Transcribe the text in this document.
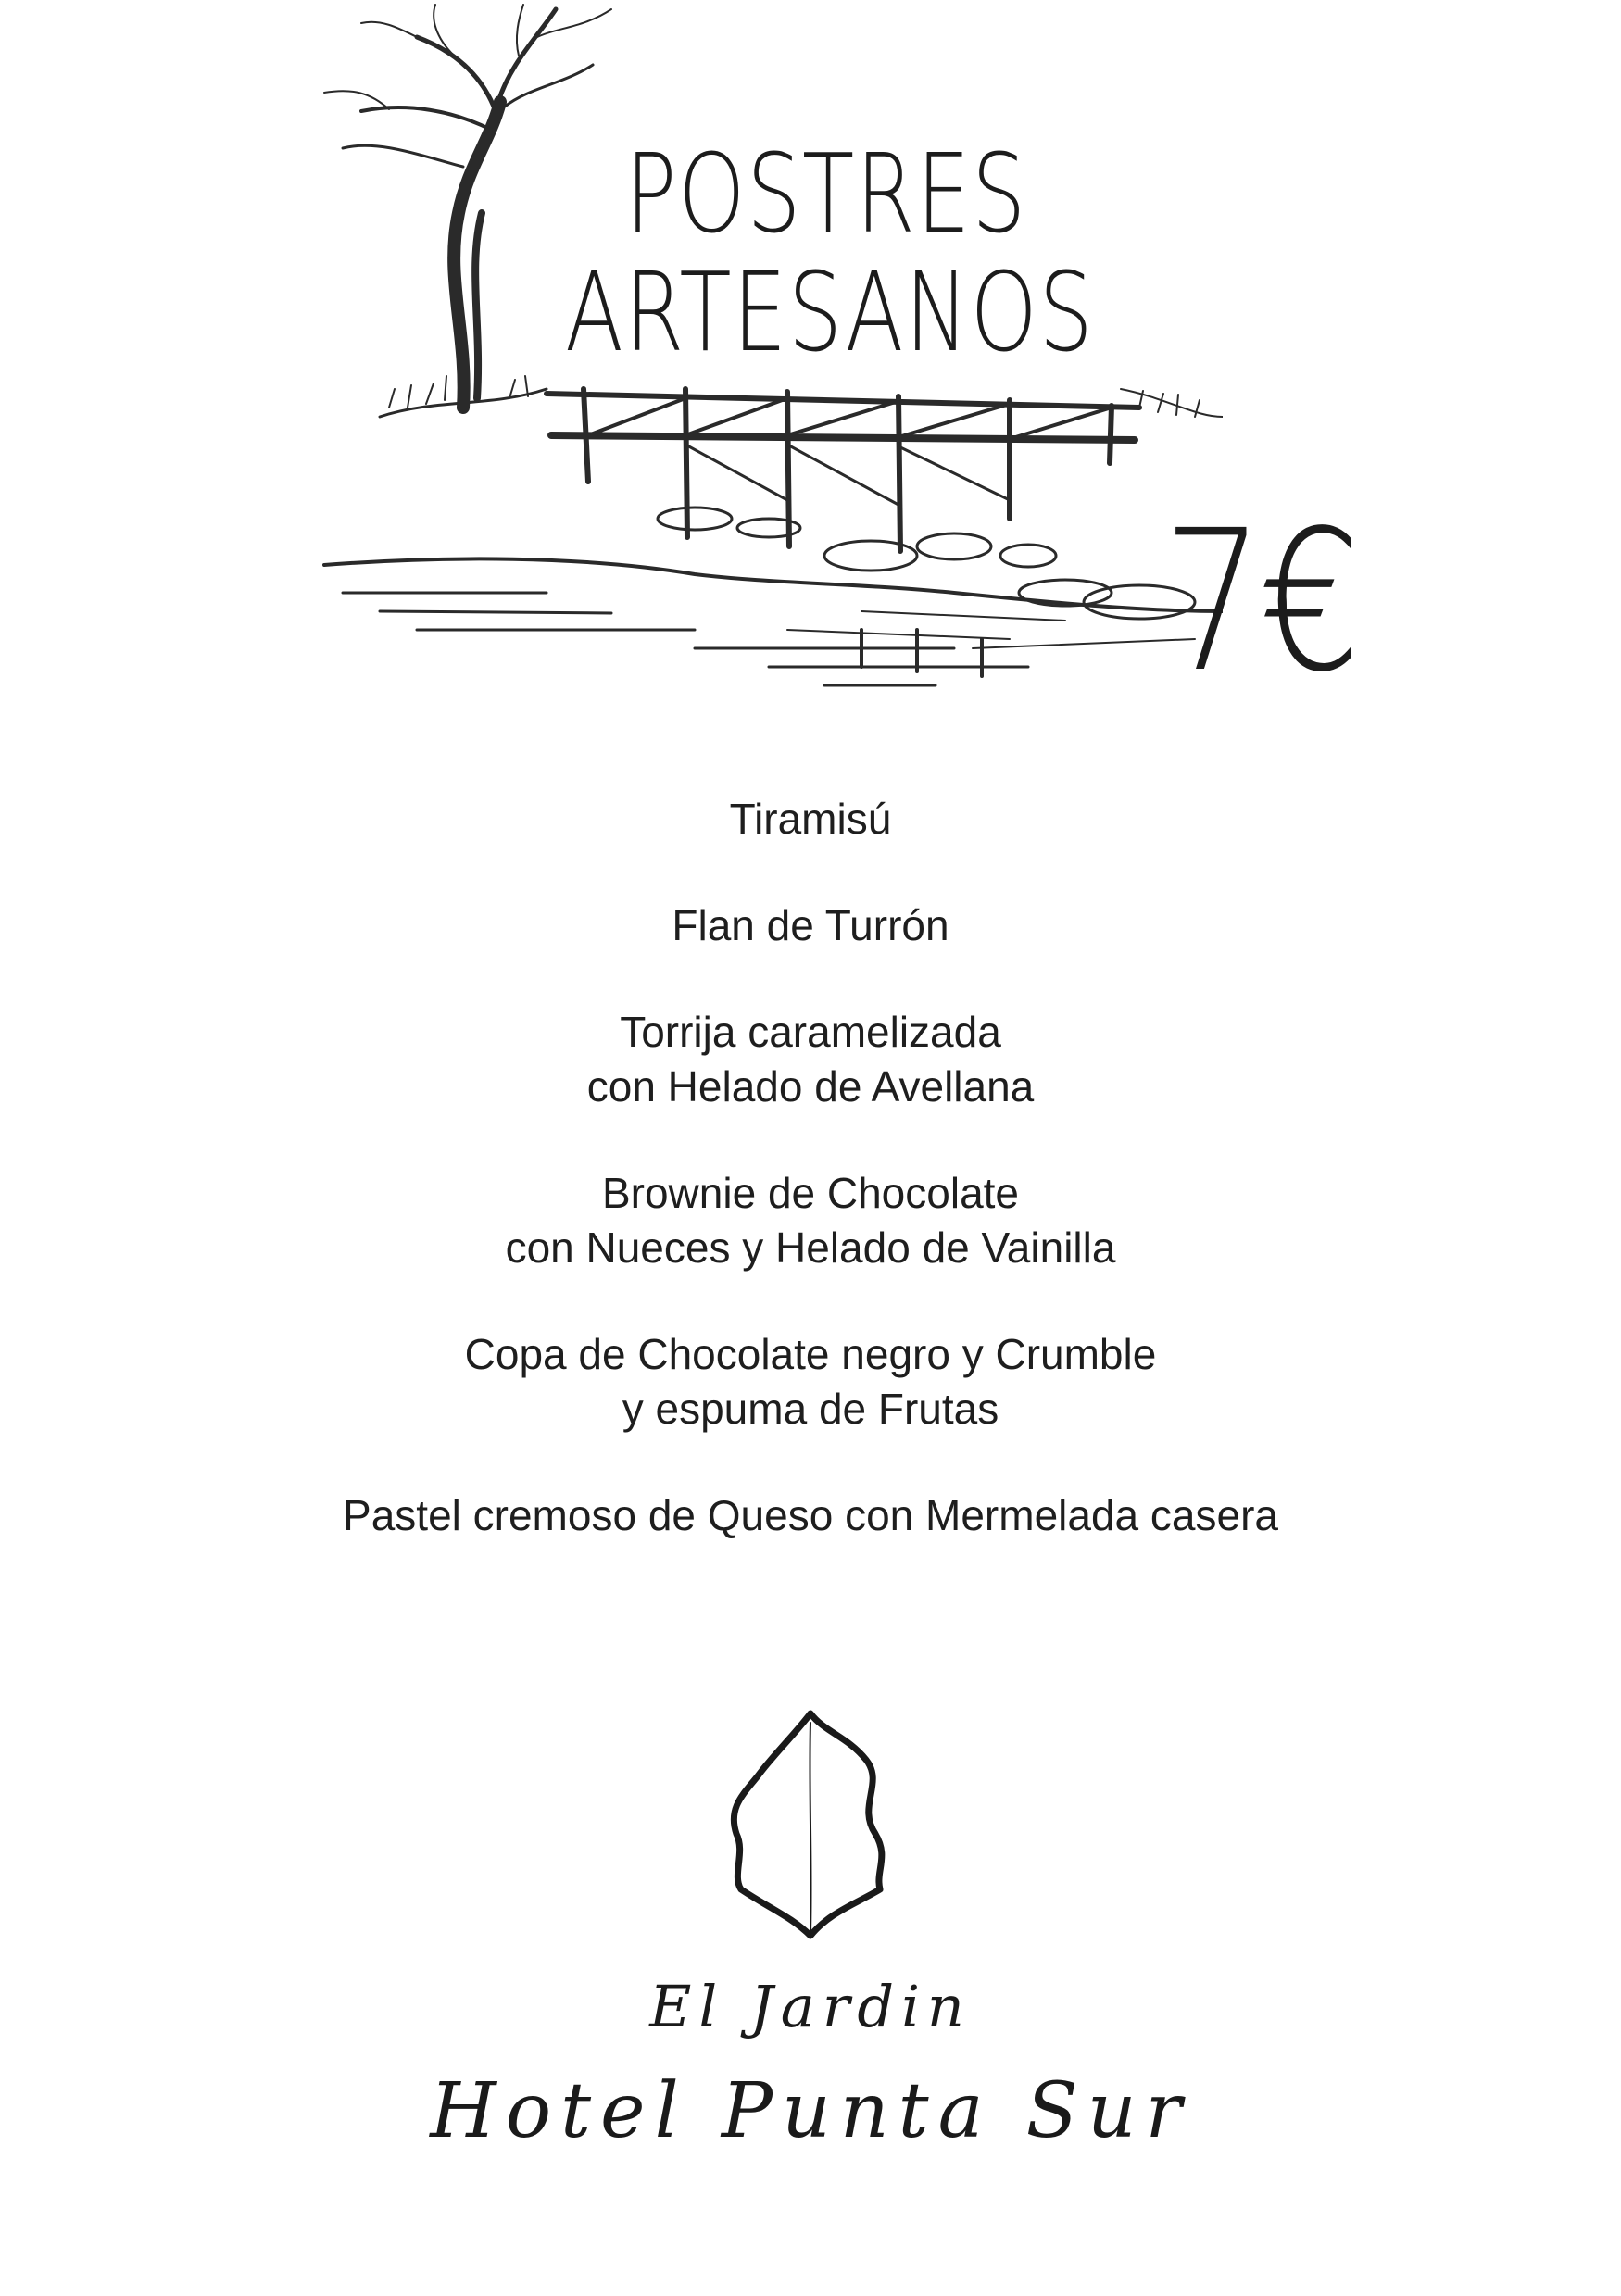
POSTRES
ARTESANOS
7€
Tiramisú
Flan de Turrón
Torrija caramelizada
con Helado de Avellana
Brownie de Chocolate
con Nueces y Helado de Vainilla
Copa de Chocolate negro y Crumble
y espuma de Frutas
Pastel cremoso de Queso con Mermelada casera
El Jardin
Hotel Punta Sur
